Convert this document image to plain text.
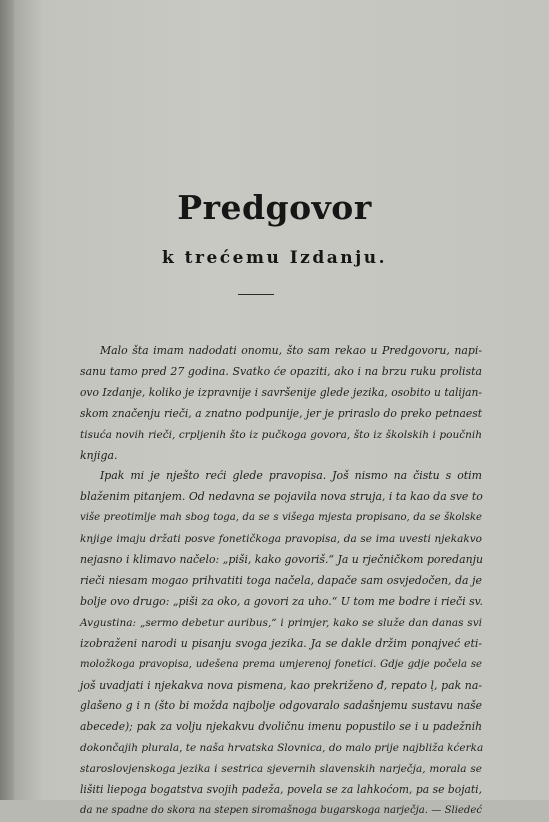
Predgovor
k trećemu Izdanju.
Malo šta imam nadodati onomu, što sam rekao u Predgovoru, napi-
sanu tamo pred 27 godina. Svatko će opaziti, ako i na brzu ruku prolista
ovo Izdanje, koliko je izpravnije i savršenije glede jezika, osobito u talijan-
skom značenju rieči, a znatno podpunije, jer je priraslo do preko petnaest
tisuća novih rieči, crpljenih što iz pučkoga govora, što iz školskih i poučnih
knjiga.
Ipak mi je nješto reći glede pravopisa. Još nismo na čistu s otim
blaženim pitanjem. Od nedavna se pojavila nova struja, i ta kao da sve to
više preotimlje mah sbog toga, da se s višega mjesta propisano, da se školske
knjige imaju držati posve fonetičkoga pravopisa, da se ima uvesti njekakvo
nejasno i klimavo načelo: „piši, kako govoriš.“ Ja u rječničkom poredanju
rieči niesam mogao prihvatiti toga načela, dapače sam osvjedočen, da je
bolje ovo drugo: „piši za oko, a govori za uho.“ U tom me bodre i rieči sv.
Avgustina: „sermo debetur auribus,“ i primjer, kako se služe dan danas svi
izobraženi narodi u pisanju svoga jezika. Ja se dakle držim ponajveć eti-
moložkoga pravopisa, udešena prema umjerenoj fonetici. Gdje gdje počela se
još uvadjati i njekakva nova pismena, kao prekriženo đ, repato ļ, pak na-
glašeno g i n (što bi možda najbolje odgovaralo sadašnjemu sustavu naše
abecede); pak za volju njekakvu dvoličnu imenu popustilo se i u padežnih
dokončajih plurala, te naša hrvatska Slovnica, do malo prije najbliža kćerka
staroslovjenskoga jezika i sestrica sjevernih slavenskih narječja, morala se
lišiti liepoga bogatstva svojih padeža, povela se za lahkoćom, pa se bojati,
da ne spadne do skora na stepen siromašnoga bugarskoga narječja. — Sliedeć
